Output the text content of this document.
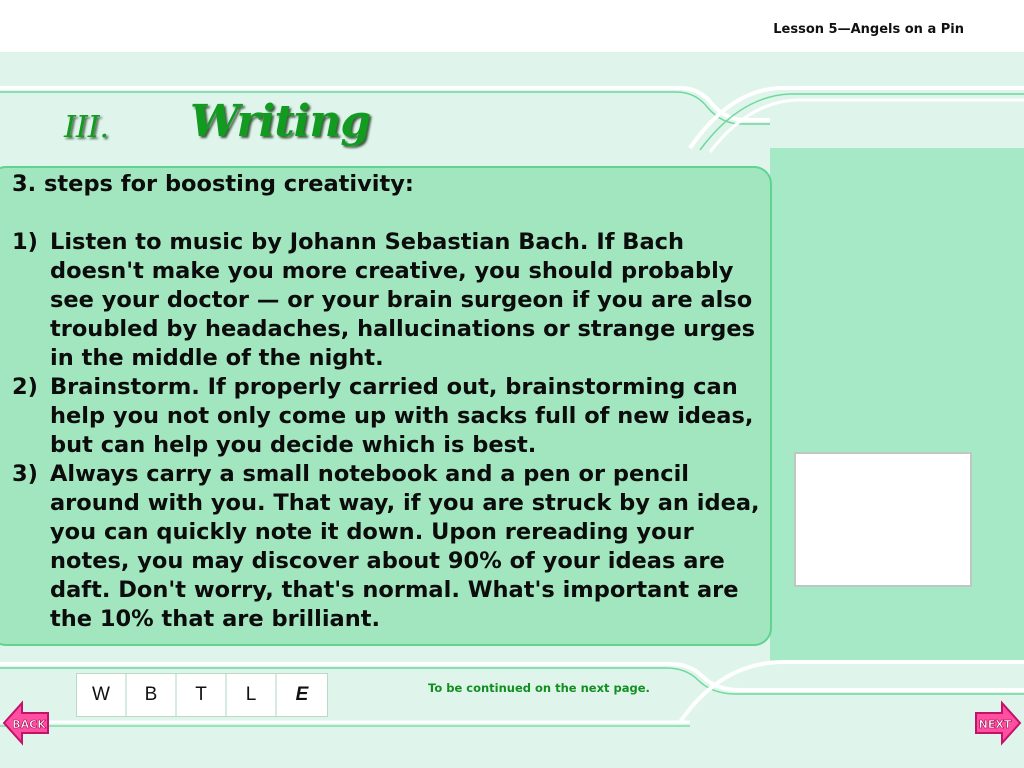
Lesson 5—Angels on a Pin
III. Writing
3. steps for boosting creativity:
1) Listen to music by Johann Sebastian Bach. If Bach doesn't make you more creative, you should probably see your doctor — or your brain surgeon if you are also troubled by headaches, hallucinations or strange urges in the middle of the night.
2) Brainstorm. If properly carried out, brainstorming can help you not only come up with sacks full of new ideas, but can help you decide which is best.
3) Always carry a small notebook and a pen or pencil around with you. That way, if you are struck by an idea, you can quickly note it down. Upon rereading your notes, you may discover about 90% of your ideas are daft. Don't worry, that's normal. What's important are the 10% that are brilliant.
W	B	T	L	E	To be continued on the next page.
BACK	NEXT
